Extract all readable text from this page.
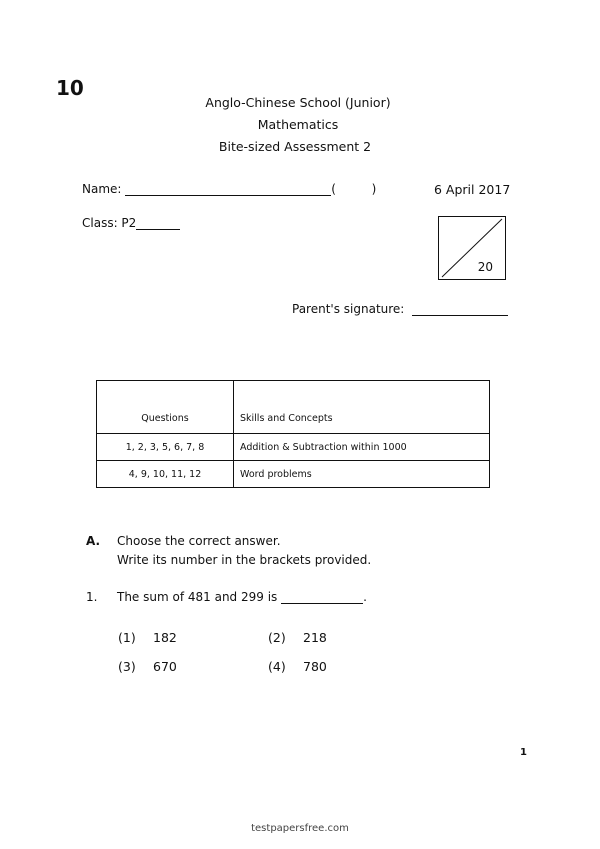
10
Anglo-Chinese School (Junior)
Mathematics
Bite-sized Assessment 2
Name:	(	)	6 April 2017
Class: P2
20
Parent's signature:
Questions	Skills and Concepts
1, 2, 3, 5, 6, 7, 8	Addition & Subtraction within 1000
4, 9, 10, 11, 12	Word problems
A. Choose the correct answer.
Write its number in the brackets provided.
1. The sum of 481 and 299 is	.
(1) 182	(2) 218
(3) 670	(4) 780
1
testpapersfree.com
